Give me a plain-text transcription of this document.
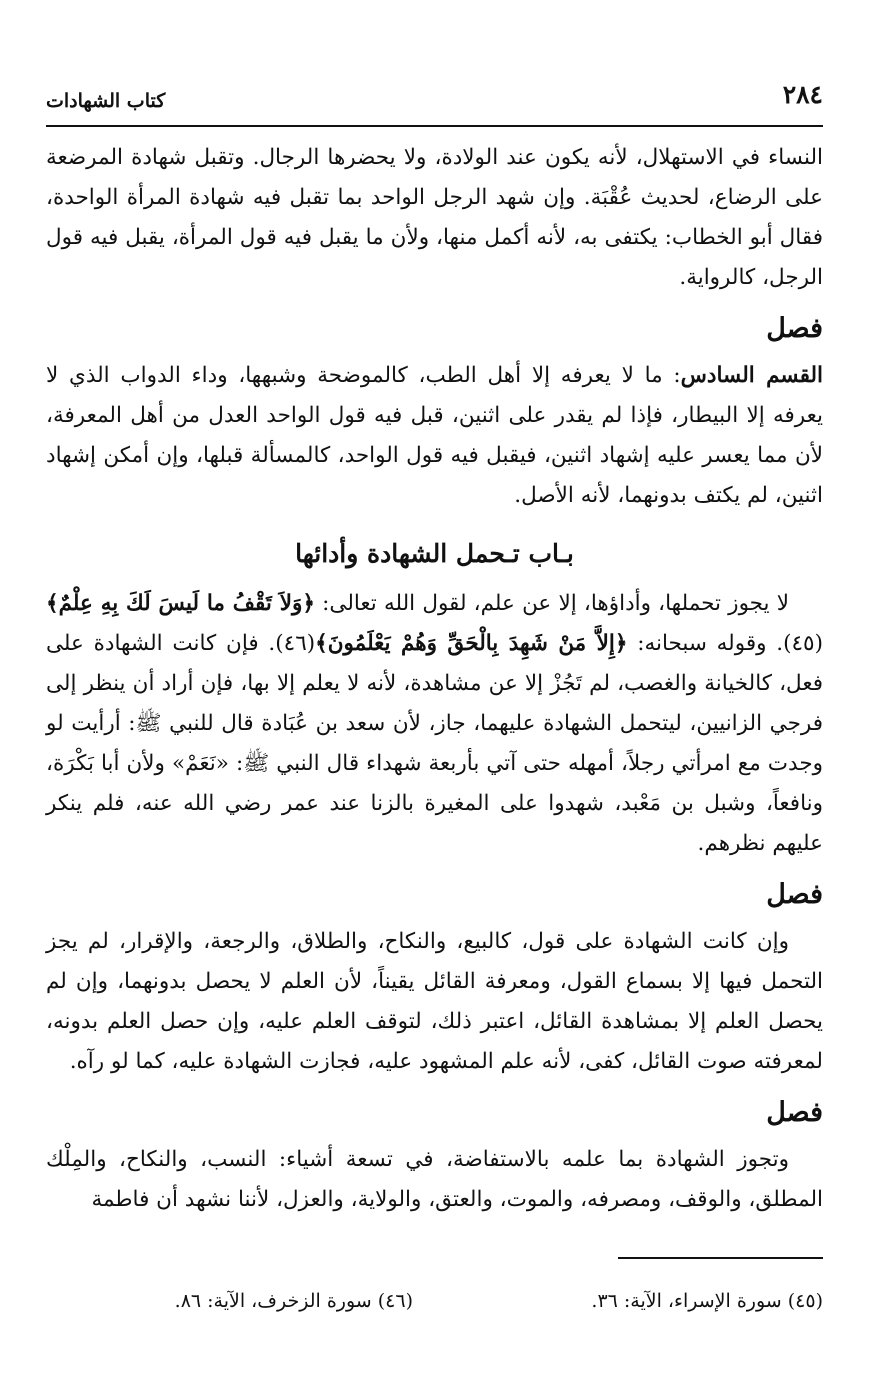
٢٨٤
كتاب الشهادات

النساء في الاستهلال، لأنه يكون عند الولادة، ولا يحضرها الرجال. وتقبل شهادة المرضعة على الرضاع، لحديث عُقْبَة. وإن شهد الرجل الواحد بما تقبل فيه شهادة المرأة الواحدة، فقال أبو الخطاب: يكتفى به، لأنه أكمل منها، ولأن ما يقبل فيه قول المرأة، يقبل فيه قول الرجل، كالرواية.

فصل

القسم السادس: ما لا يعرفه إلا أهل الطب، كالموضحة وشبهها، وداء الدواب الذي لا يعرفه إلا البيطار، فإذا لم يقدر على اثنين، قبل فيه قول الواحد العدل من أهل المعرفة، لأن مما يعسر عليه إشهاد اثنين، فيقبل فيه قول الواحد، كالمسألة قبلها، وإن أمكن إشهاد اثنين، لم يكتف بدونهما، لأنه الأصل.

بـاب تـحمل الشهادة وأدائها

لا يجوز تحملها، وأداؤها، إلا عن علم، لقول الله تعالى: ﴿وَلاَ تَقْفُ ما لَيسَ لَكَ بِهِ عِلْمٌ﴾(٤٥). وقوله سبحانه: ﴿إِلاَّ مَنْ شَهِدَ بِالْحَقِّ وَهُمْ يَعْلَمُونَ﴾(٤٦). فإن كانت الشهادة على فعل، كالخيانة والغصب، لم تَجُزْ إلا عن مشاهدة، لأنه لا يعلم إلا بها، فإن أراد أن ينظر إلى فرجي الزانيين، ليتحمل الشهادة عليهما، جاز، لأن سعد بن عُبَادة قال للنبي ﷺ: أرأيت لو وجدت مع امرأتي رجلاً، أمهله حتى آتي بأربعة شهداء قال النبي ﷺ: «نَعَمْ» ولأن أبا بَكْرَة، ونافعاً، وشبل بن مَعْبد، شهدوا على المغيرة بالزنا عند عمر رضي الله عنه، فلم ينكر عليهم نظرهم.

فصل

وإن كانت الشهادة على قول، كالبيع، والنكاح، والطلاق، والرجعة، والإقرار، لم يجز التحمل فيها إلا بسماع القول، ومعرفة القائل يقيناً، لأن العلم لا يحصل بدونهما، وإن لم يحصل العلم إلا بمشاهدة القائل، اعتبر ذلك، لتوقف العلم عليه، وإن حصل العلم بدونه، لمعرفته صوت القائل، كفى، لأنه علم المشهود عليه، فجازت الشهادة عليه، كما لو رآه.

فصل

وتجوز الشهادة بما علمه بالاستفاضة، في تسعة أشياء: النسب، والنكاح، والمِلْك المطلق، والوقف، ومصرفه، والموت، والعتق، والولاية، والعزل، لأننا نشهد أن فاطمة

(٤٥) سورة الإسراء، الآية: ٣٦.
(٤٦) سورة الزخرف، الآية: ٨٦.
